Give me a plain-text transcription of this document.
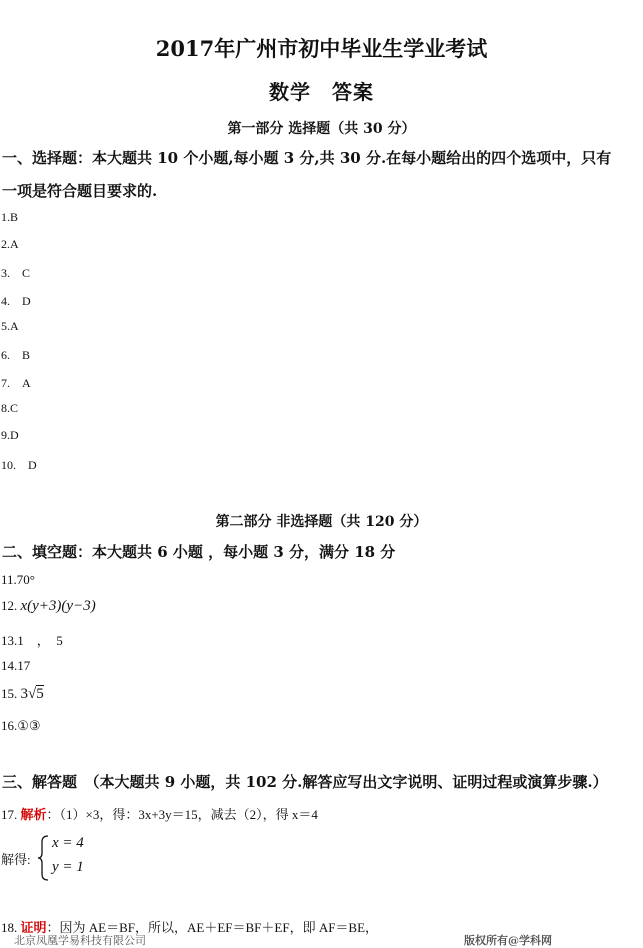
2017年广州市初中毕业生学业考试
数学　答案
第一部分 选择题（共 30 分）
一、选择题：本大题共 10 个小题,每小题 3 分,共 30 分.在每小题给出的四个选项中，只有
一项是符合题目要求的.
1.B
2.A
3.　C
4.　D
5.A
6.　B
7.　A
8.C
9.D
10.　D
第二部分 非选择题（共 120 分）
二、填空题：本大题共 6 小题 ，每小题 3 分，满分 18 分
11.70°
12. x(y+3)(y−3)
13.1　，　5
14.17
15. 3√5
16.①③
三、解答题　（本大题共 9 小题，共 102 分.解答应写出文字说明、证明过程或演算步骤.）
17. 解析：（1）×3，得：3x+3y＝15，减去（2），得 x＝4
解得:
x = 4
y = 1
18. 证明：因为 AE＝BF，所以，AE＋EF＝BF＋EF，即 AF＝BE，
北京凤凰学易科技有限公司	版权所有@学科网
